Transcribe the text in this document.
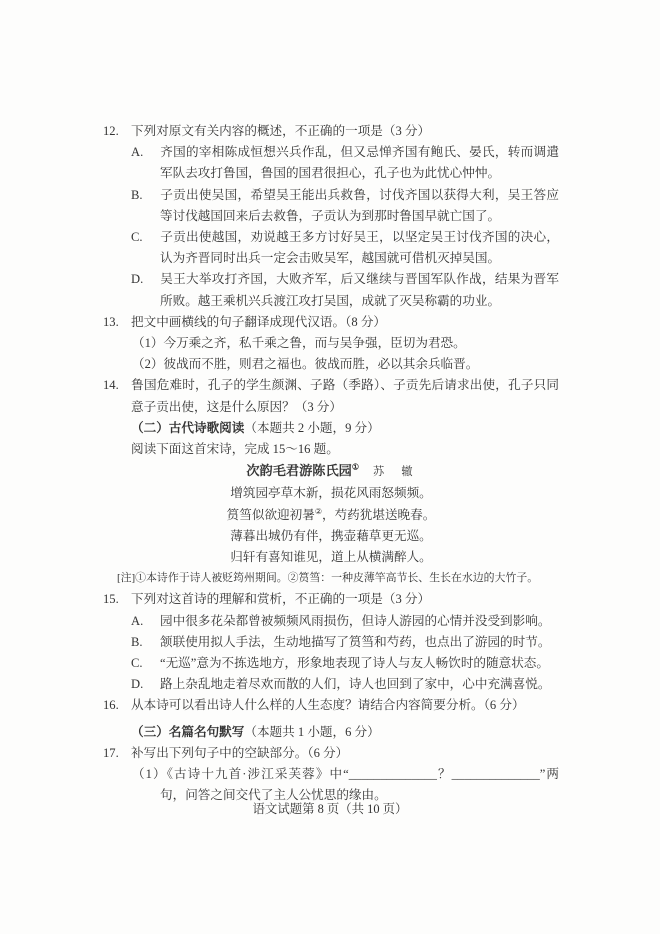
12. 下列对原文有关内容的概述，不正确的一项是（3 分）

A. 齐国的宰相陈成恒想兴兵作乱，但又忌惮齐国有鲍氏、晏氏，转而调遣军队去攻打鲁国，鲁国的国君很担心，孔子也为此忧心忡忡。

B. 子贡出使吴国，希望吴王能出兵救鲁，讨伐齐国以获得大利，吴王答应等讨伐越国回来后去救鲁，子贡认为到那时鲁国早就亡国了。

C. 子贡出使越国，劝说越王多方讨好吴王，以坚定吴王讨伐齐国的决心，认为齐晋同时出兵一定会击败吴军，越国就可借机灭掉吴国。

D. 吴王大举攻打齐国，大败齐军，后又继续与晋国军队作战，结果为晋军所败。越王乘机兴兵渡江攻打吴国，成就了灭吴称霸的功业。

13. 把文中画横线的句子翻译成现代汉语。（8 分）

（1）今万乘之齐，私千乘之鲁，而与吴争强，臣切为君恐。

（2）彼战而不胜，则君之福也。彼战而胜，必以其余兵临晋。

14. 鲁国危难时，孔子的学生颜渊、子路（季路）、子贡先后请求出使，孔子只同意子贡出使，这是什么原因？（3 分）

（二）古代诗歌阅读（本题共 2 小题，9 分）

阅读下面这首宋诗，完成 15～16 题。

次韵毛君游陈氏园① 苏　辙

增筑园亭草木新，损花风雨怒频频。

筼筜似欲迎初暑②，芍药犹堪送晚春。

薄暮出城仍有伴，携壶藉草更无巡。

归轩有喜知谁见，道上从横满醉人。

[注]①本诗作于诗人被贬筠州期间。②筼筜：一种皮薄竿高节长、生长在水边的大竹子。

15. 下列对这首诗的理解和赏析，不正确的一项是（3 分）

A. 园中很多花朵都曾被频频风雨损伤，但诗人游园的心情并没受到影响。

B. 颔联使用拟人手法，生动地描写了筼筜和芍药，也点出了游园的时节。

C. “无巡”意为不拣选地方，形象地表现了诗人与友人畅饮时的随意状态。

D. 路上杂乱地走着尽欢而散的人们，诗人也回到了家中，心中充满喜悦。

16. 从本诗可以看出诗人什么样的人生态度？请结合内容简要分析。（6 分）

（三）名篇名句默写（本题共 1 小题，6 分）

17. 补写出下列句子中的空缺部分。（6 分）

（1）《古诗十九首·涉江采芙蓉》中“______________？______________”两句，问答之间交代了主人公忧思的缘由。

语文试题第 8 页（共 10 页）
